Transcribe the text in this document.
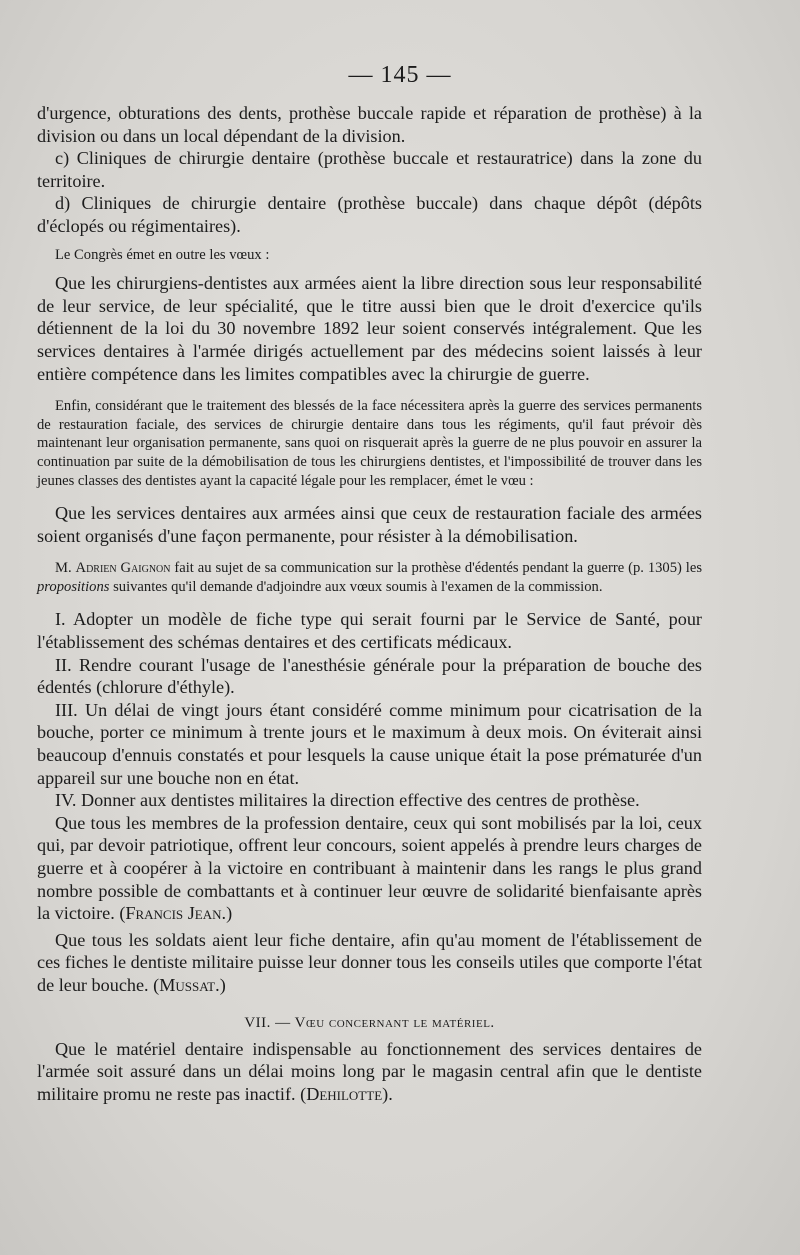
— 145 —

d'urgence, obturations des dents, prothèse buccale rapide et réparation de prothèse) à la division ou dans un local dépendant de la division.

c) Cliniques de chirurgie dentaire (prothèse buccale et restauratrice) dans la zone du territoire.

d) Cliniques de chirurgie dentaire (prothèse buccale) dans chaque dépôt (dépôts d'éclopés ou régimentaires).

Le Congrès émet en outre les vœux :

Que les chirurgiens-dentistes aux armées aient la libre direction sous leur responsabilité de leur service, de leur spécialité, que le titre aussi bien que le droit d'exercice qu'ils détiennent de la loi du 30 novembre 1892 leur soient conservés intégralement. Que les services dentaires à l'armée dirigés actuellement par des médecins soient laissés à leur entière compétence dans les limites compatibles avec la chirurgie de guerre.

Enfin, considérant que le traitement des blessés de la face nécessitera après la guerre des services permanents de restauration faciale, des services de chirurgie dentaire dans tous les régiments, qu'il faut prévoir dès maintenant leur organisation permanente, sans quoi on risquerait après la guerre de ne plus pouvoir en assurer la continuation par suite de la démobilisation de tous les chirurgiens dentistes, et l'impossibilité de trouver dans les jeunes classes des dentistes ayant la capacité légale pour les remplacer, émet le vœu :

Que les services dentaires aux armées ainsi que ceux de restauration faciale des armées soient organisés d'une façon permanente, pour résister à la démobilisation.

M. Adrien Gaignon fait au sujet de sa communication sur la prothèse d'édentés pendant la guerre (p. 1305) les propositions suivantes qu'il demande d'adjoindre aux vœux soumis à l'examen de la commission.

I. Adopter un modèle de fiche type qui serait fourni par le Service de Santé, pour l'établissement des schémas dentaires et des certificats médicaux.

II. Rendre courant l'usage de l'anesthésie générale pour la préparation de bouche des édentés (chlorure d'éthyle).

III. Un délai de vingt jours étant considéré comme minimum pour cicatrisation de la bouche, porter ce minimum à trente jours et le maximum à deux mois. On éviterait ainsi beaucoup d'ennuis constatés et pour lesquels la cause unique était la pose prématurée d'un appareil sur une bouche non en état.

IV. Donner aux dentistes militaires la direction effective des centres de prothèse.

Que tous les membres de la profession dentaire, ceux qui sont mobilisés par la loi, ceux qui, par devoir patriotique, offrent leur concours, soient appelés à prendre leurs charges de guerre et à coopérer à la victoire en contribuant à maintenir dans les rangs le plus grand nombre possible de combattants et à continuer leur œuvre de solidarité bienfaisante après la victoire. (Francis Jean.)

Que tous les soldats aient leur fiche dentaire, afin qu'au moment de l'établissement de ces fiches le dentiste militaire puisse leur donner tous les conseils utiles que comporte l'état de leur bouche. (Mussat.)

VII. — Vœu concernant le matériel.

Que le matériel dentaire indispensable au fonctionnement des services dentaires de l'armée soit assuré dans un délai moins long par le magasin central afin que le dentiste militaire promu ne reste pas inactif. (Dehilotte).
